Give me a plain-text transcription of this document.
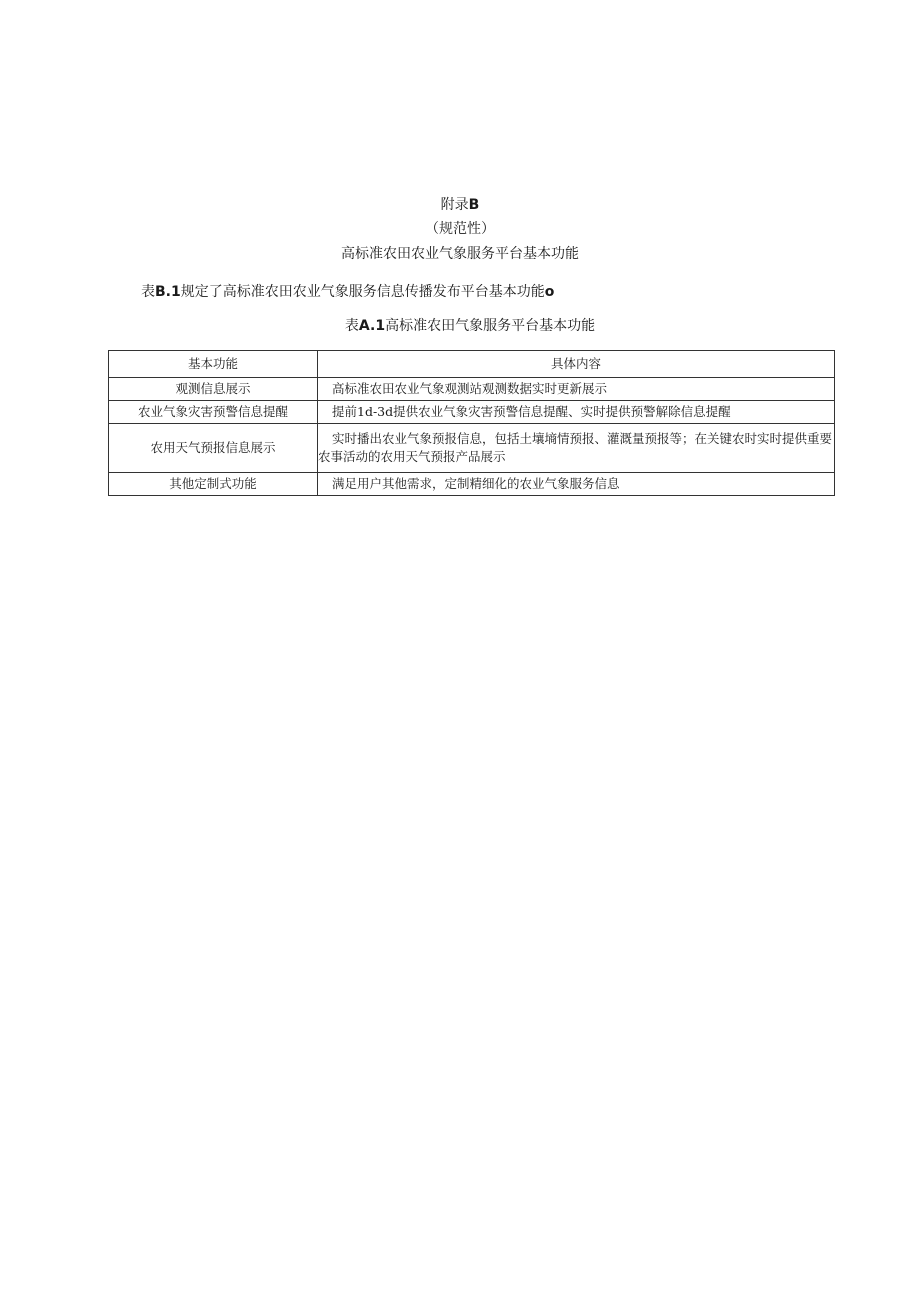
附录B
（规范性）
高标准农田农业气象服务平台基本功能
表B.1规定了高标准农田农业气象服务信息传播发布平台基本功能o
表A.1高标准农田气象服务平台基本功能
基本功能	具体内容
观测信息展示	高标准农田农业气象观测站观测数据实时更新展示
农业气象灾害预警信息提醒	提前1d-3d提供农业气象灾害预警信息提醒、实时提供预警解除信息提醒
农用天气预报信息展示	实时播出农业气象预报信息，包括土壤墒情预报、灌溉量预报等；在关键农时实时提供重要农事活动的农用天气预报产品展示

其他定制式功能	满足用户其他需求，定制精细化的农业气象服务信息
